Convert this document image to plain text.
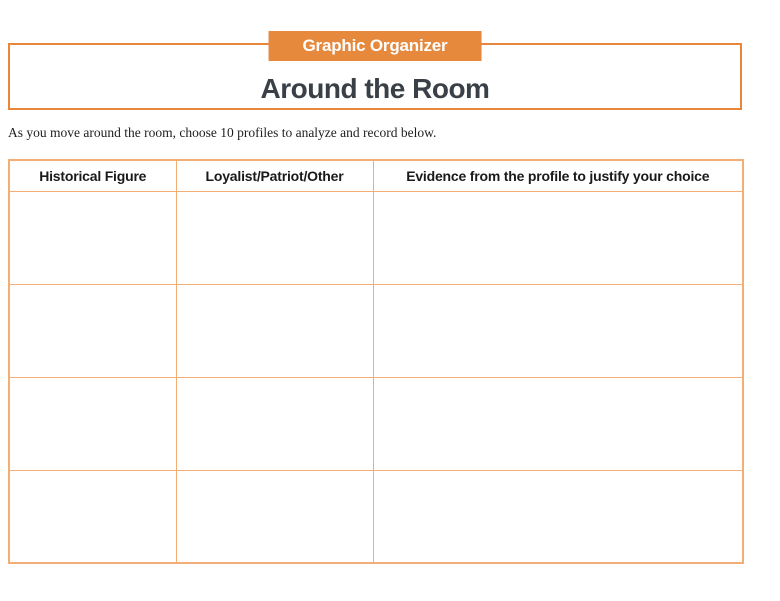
Graphic Organizer
Around the Room

As you move around the room, choose 10 profiles to analyze and record below.

Historical Figure	Loyalist/Patriot/Other	Evidence from the profile to justify your choice
